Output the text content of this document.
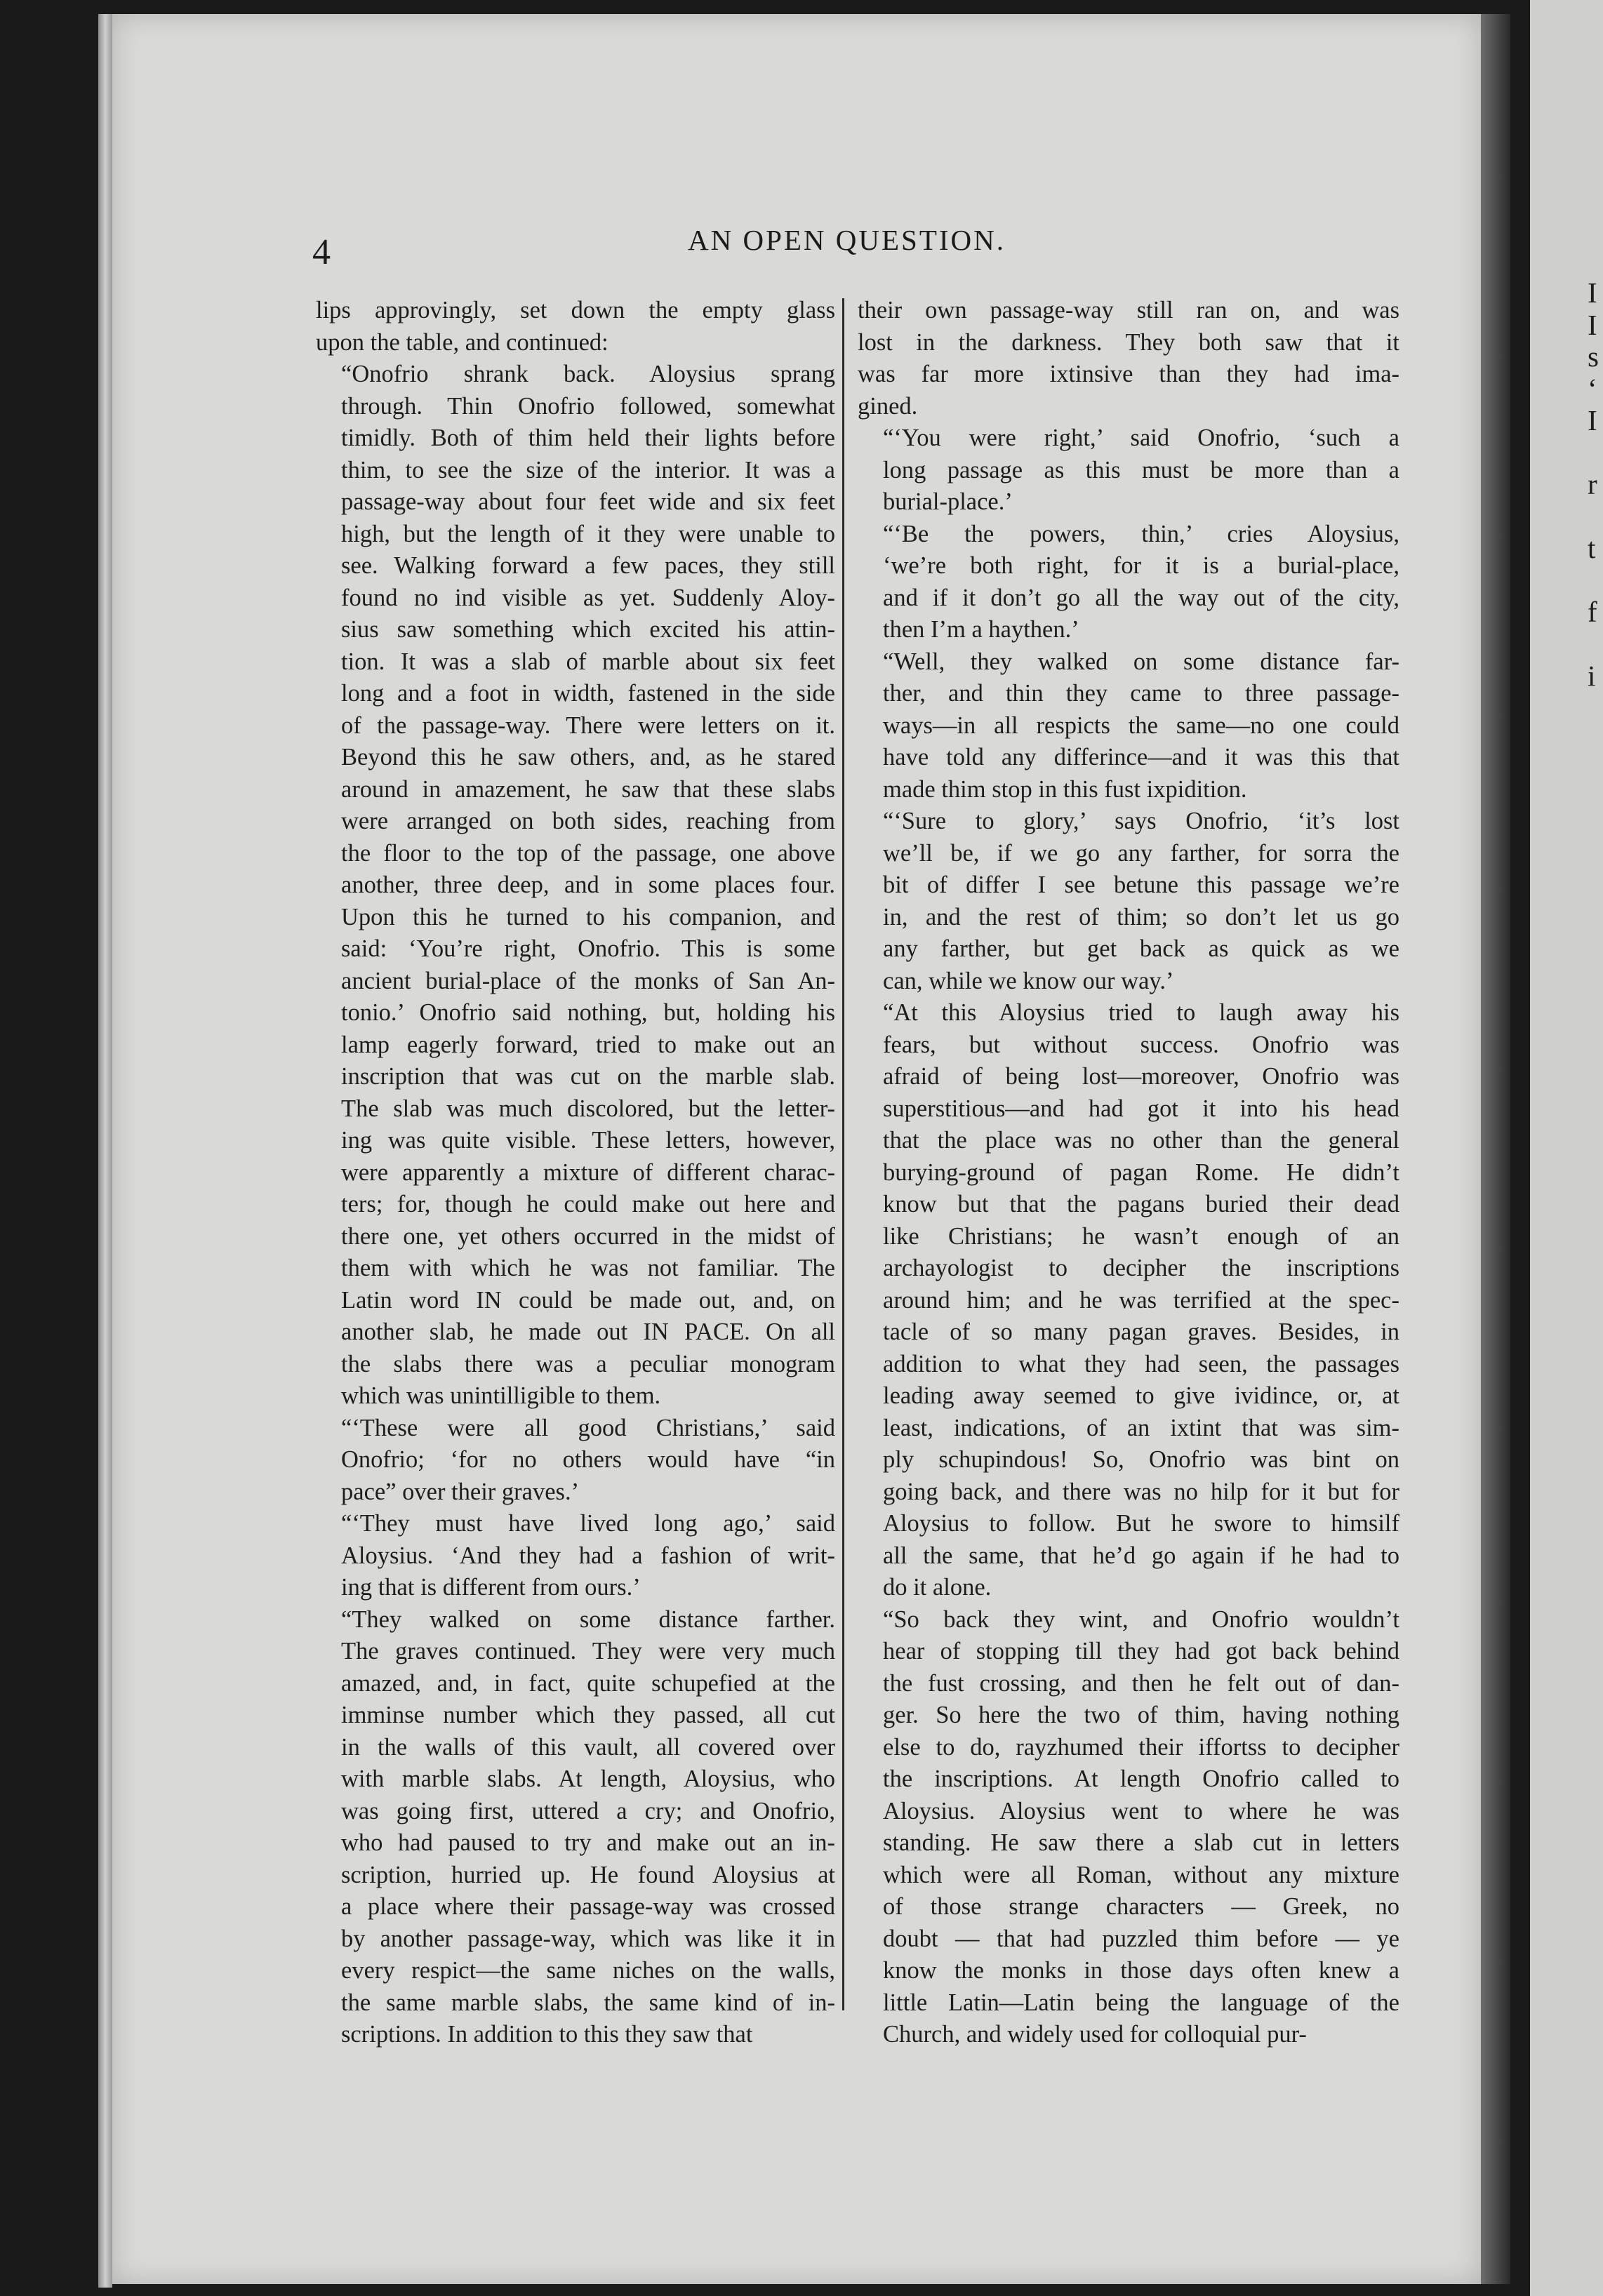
I
I
s
‘
I

r

t

f

i
4	AN OPEN QUESTION.

lips approvingly, set down the empty glass
upon the table, and continued:

“Onofrio shrank back. Aloysius sprang
through. Thin Onofrio followed, somewhat
timidly. Both of thim held their lights before
thim, to see the size of the interior. It was a
passage-way about four feet wide and six feet
high, but the length of it they were unable to
see. Walking forward a few paces, they still
found no ind visible as yet. Suddenly Aloy-
sius saw something which excited his attin-
tion. It was a slab of marble about six feet
long and a foot in width, fastened in the side
of the passage-way. There were letters on it.
Beyond this he saw others, and, as he stared
around in amazement, he saw that these slabs
were arranged on both sides, reaching from
the floor to the top of the passage, one above
another, three deep, and in some places four.
Upon this he turned to his companion, and
said: ‘You’re right, Onofrio. This is some
ancient burial-place of the monks of San An-
tonio.’ Onofrio said nothing, but, holding his
lamp eagerly forward, tried to make out an
inscription that was cut on the marble slab.
The slab was much discolored, but the letter-
ing was quite visible. These letters, however,
were apparently a mixture of different charac-
ters; for, though he could make out here and
there one, yet others occurred in the midst of
them with which he was not familiar. The
Latin word IN could be made out, and, on
another slab, he made out IN PACE. On all
the slabs there was a peculiar monogram
which was unintilligible to them.

“‘These were all good Christians,’ said
Onofrio; ‘for no others would have “in
pace” over their graves.’

“‘They must have lived long ago,’ said
Aloysius. ‘And they had a fashion of writ-
ing that is different from ours.’

“They walked on some distance farther.
The graves continued. They were very much
amazed, and, in fact, quite schupefied at the
imminse number which they passed, all cut
in the walls of this vault, all covered over
with marble slabs. At length, Aloysius, who
was going first, uttered a cry; and Onofrio,
who had paused to try and make out an in-
scription, hurried up. He found Aloysius at
a place where their passage-way was crossed
by another passage-way, which was like it in
every respict—the same niches on the walls,
the same marble slabs, the same kind of in-
scriptions. In addition to this they saw that

their own passage-way still ran on, and was
lost in the darkness. They both saw that it
was far more ixtinsive than they had ima-
gined.

“‘You were right,’ said Onofrio, ‘such a
long passage as this must be more than a
burial-place.’

“‘Be the powers, thin,’ cries Aloysius,
‘we’re both right, for it is a burial-place,
and if it don’t go all the way out of the city,
then I’m a haythen.’

“Well, they walked on some distance far-
ther, and thin they came to three passage-
ways—in all respicts the same—no one could
have told any differince—and it was this that
made thim stop in this fust ixpidition.

“‘Sure to glory,’ says Onofrio, ‘it’s lost
we’ll be, if we go any farther, for sorra the
bit of differ I see betune this passage we’re
in, and the rest of thim; so don’t let us go
any farther, but get back as quick as we
can, while we know our way.’

“At this Aloysius tried to laugh away his
fears, but without success. Onofrio was
afraid of being lost—moreover, Onofrio was
superstitious—and had got it into his head
that the place was no other than the general
burying-ground of pagan Rome. He didn’t
know but that the pagans buried their dead
like Christians; he wasn’t enough of an
archayologist to decipher the inscriptions
around him; and he was terrified at the spec-
tacle of so many pagan graves. Besides, in
addition to what they had seen, the passages
leading away seemed to give ividince, or, at
least, indications, of an ixtint that was sim-
ply schupindous! So, Onofrio was bint on
going back, and there was no hilp for it but for
Aloysius to follow. But he swore to himsilf
all the same, that he’d go again if he had to
do it alone.

“So back they wint, and Onofrio wouldn’t
hear of stopping till they had got back behind
the fust crossing, and then he felt out of dan-
ger. So here the two of thim, having nothing
else to do, rayzhumed their iffortss to decipher
the inscriptions. At length Onofrio called to
Aloysius. Aloysius went to where he was
standing. He saw there a slab cut in letters
which were all Roman, without any mixture
of those strange characters — Greek, no
doubt — that had puzzled thim before — ye
know the monks in those days often knew a
little Latin—Latin being the language of the
Church, and widely used for colloquial pur-
